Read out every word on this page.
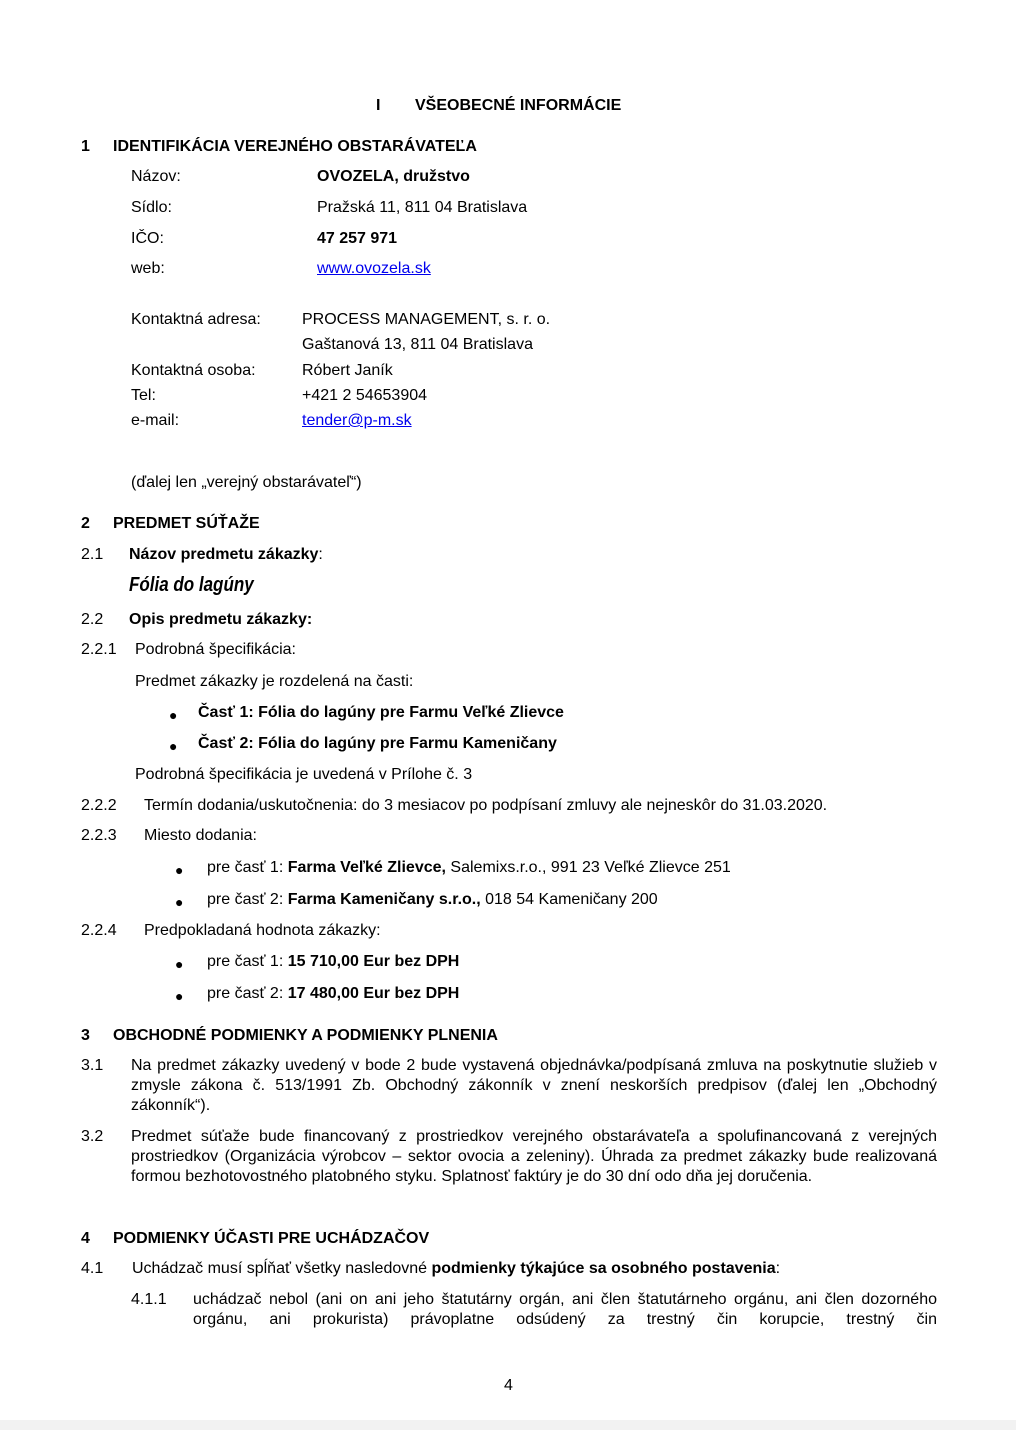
I VŠEOBECNÉ INFORMÁCIE
1 IDENTIFIKÁCIA VEREJNÉHO OBSTARÁVATEĽA
Názov:	OVOZELA, družstvo
Sídlo:	Pražská 11, 811 04 Bratislava
IČO:	47 257 971
web:	www.ovozela.sk
Kontaktná adresa:	PROCESS MANAGEMENT, s. r. o.
Gaštanová 13, 811 04 Bratislava
Kontaktná osoba:	Róbert Janík
Tel:	+421 2 54653904
e-mail:	tender@p-m.sk
(ďalej len „verejný obstarávateľ“)
2 PREDMET SÚŤAŽE
2.1 Názov predmetu zákazky:
Fólia do lagúny
2.2 Opis predmetu zákazky:
2.2.1 Podrobná špecifikácia:
Predmet zákazky je rozdelená na časti:
● Časť 1: Fólia do lagúny pre Farmu Veľké Zlievce
● Časť 2: Fólia do lagúny pre Farmu Kameničany
Podrobná špecifikácia je uvedená v Prílohe č. 3
2.2.2 Termín dodania/uskutočnenia: do 3 mesiacov po podpísaní zmluvy ale nejneskôr do 31.03.2020.
2.2.3 Miesto dodania:
● pre časť 1: Farma Veľké Zlievce, Salemixs.r.o., 991 23 Veľké Zlievce 251
● pre časť 2: Farma Kameničany s.r.o., 018 54 Kameničany 200
2.2.4 Predpokladaná hodnota zákazky:
● pre časť 1: 15 710,00 Eur bez DPH
● pre časť 2: 17 480,00 Eur bez DPH
3 OBCHODNÉ PODMIENKY A PODMIENKY PLNENIA
3.1 Na predmet zákazky uvedený v bode 2 bude vystavená objednávka/podpísaná zmluva na poskytnutie služieb v zmysle zákona č. 513/1991 Zb. Obchodný zákonník v znení neskorších predpisov (ďalej len „Obchodný zákonník“).
3.2 Predmet súťaže bude financovaný z prostriedkov verejného obstarávateľa a spolufinancovaná z verejných prostriedkov (Organizácia výrobcov – sektor ovocia a zeleniny). Úhrada za predmet zákazky bude realizovaná formou bezhotovostného platobného styku. Splatnosť faktúry je do 30 dní odo dňa jej doručenia.
4 PODMIENKY ÚČASTI PRE UCHÁDZAČOV
4.1 Uchádzač musí spĺňať všetky nasledovné podmienky týkajúce sa osobného postavenia:
4.1.1 uchádzač nebol (ani on ani jeho štatutárny orgán, ani člen štatutárneho orgánu, ani člen dozorného orgánu, ani prokurista) právoplatne odsúdený za trestný čin korupcie, trestný čin
4
